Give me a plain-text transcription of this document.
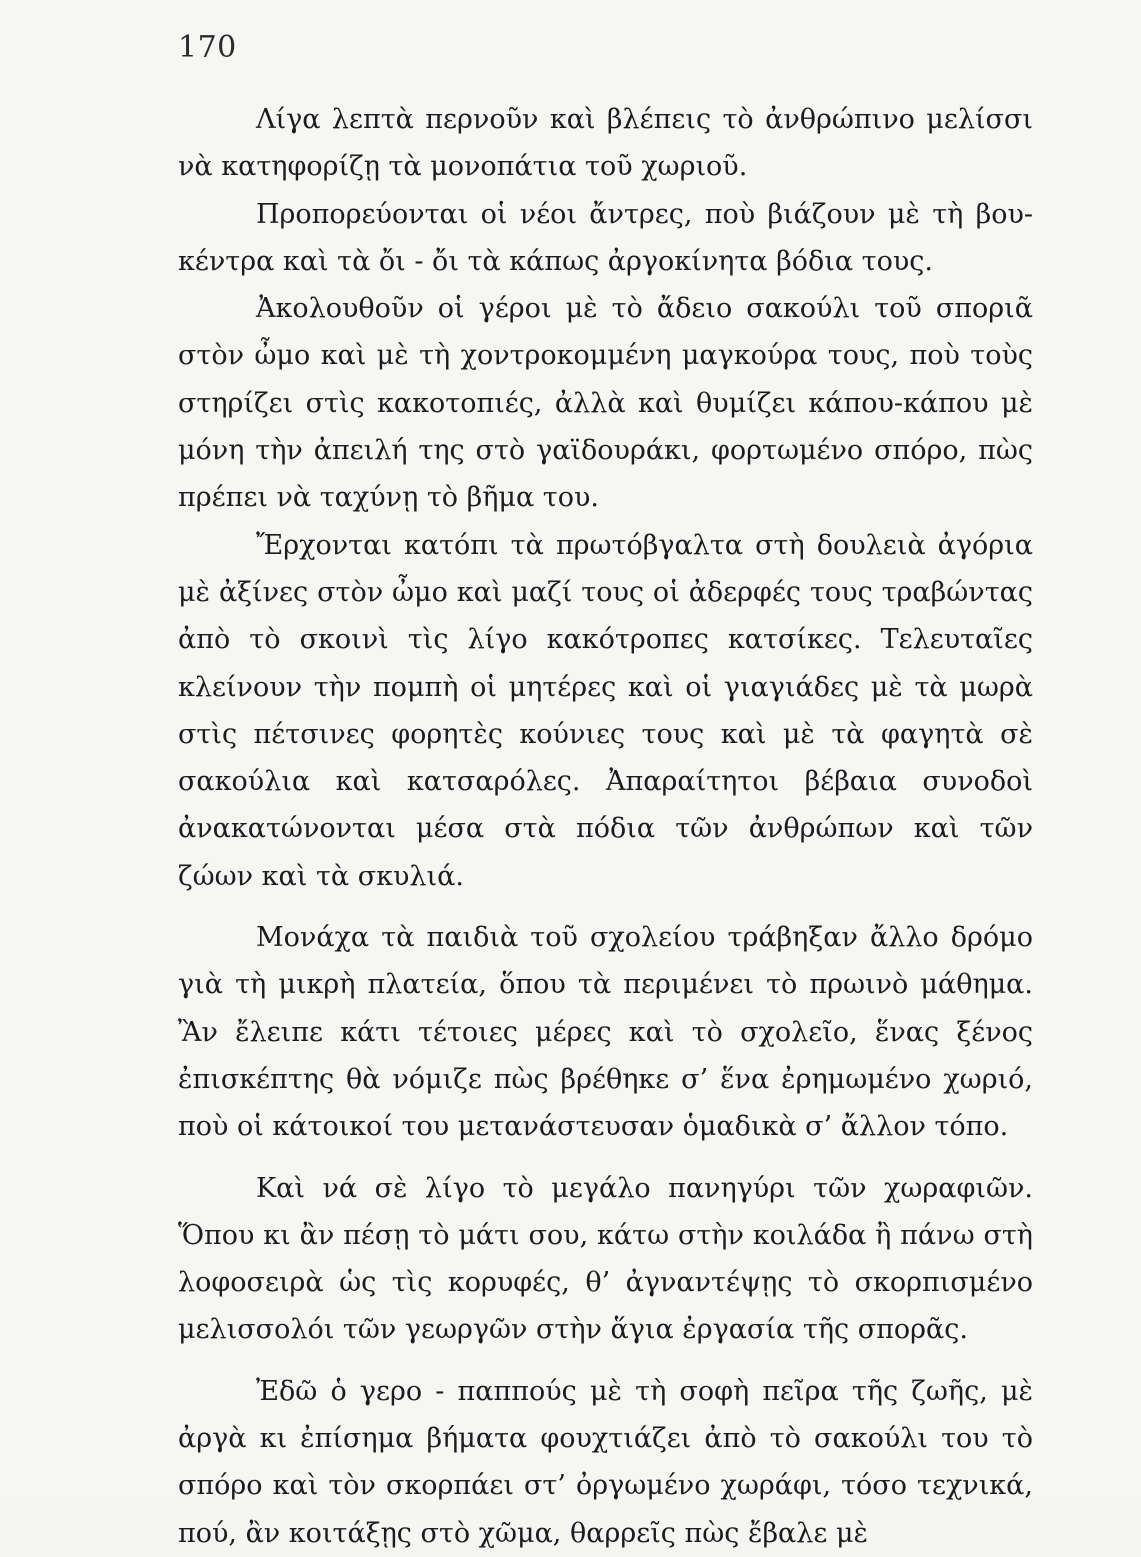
170

Λίγα λεπτὰ περνοῦν καὶ βλέπεις τὸ ἀνθρώπινο μελίσσι νὰ κατηφορίζῃ τὰ μονοπάτια τοῦ χωριοῦ.

Προπορεύονται οἱ νέοι ἄντρες, ποὺ βιάζουν μὲ τὴ βουκέντρα καὶ τὰ ὄι - ὄι τὰ κάπως ἀργοκίνητα βόδια τους.

Ἀκολουθοῦν οἱ γέροι μὲ τὸ ἄδειο σακούλι τοῦ σποριᾶ στὸν ὦμο καὶ μὲ τὴ χοντροκομμένη μαγκούρα τους, ποὺ τοὺς στηρίζει στὶς κακοτοπιές, ἀλλὰ καὶ θυμίζει κάπου-κάπου μὲ μόνη τὴν ἀπειλή της στὸ γαϊδουράκι, φορτωμένο σπόρο, πὼς πρέπει νὰ ταχύνῃ τὸ βῆμα του.

Ἔρχονται κατόπι τὰ πρωτόβγαλτα στὴ δουλειὰ ἀγόρια μὲ ἀξίνες στὸν ὦμο καὶ μαζί τους οἱ ἀδερφές τους τραβώντας ἀπὸ τὸ σκοινὶ τὶς λίγο κακότροπες κατσίκες. Τελευταῖες κλείνουν τὴν πομπὴ οἱ μητέρες καὶ οἱ γιαγιάδες μὲ τὰ μωρὰ στὶς πέτσινες φορητὲς κούνιες τους καὶ μὲ τὰ φαγητὰ σὲ σακούλια καὶ κατσαρόλες. Ἀπαραίτητοι βέβαια συνοδοὶ ἀνακατώνονται μέσα στὰ πόδια τῶν ἀνθρώπων καὶ τῶν ζώων καὶ τὰ σκυλιά.

Μονάχα τὰ παιδιὰ τοῦ σχολείου τράβηξαν ἄλλο δρόμο γιὰ τὴ μικρὴ πλατεία, ὅπου τὰ περιμένει τὸ πρωινὸ μάθημα. Ἂν ἔλειπε κάτι τέτοιες μέρες καὶ τὸ σχολεῖο, ἕνας ξένος ἐπισκέπτης θὰ νόμιζε πὼς βρέθηκε σ’ ἕνα ἐρημωμένο χωριό, ποὺ οἱ κάτοικοί του μετανάστευσαν ὁμαδικὰ σ’ ἄλλον τόπο.

Καὶ νά σὲ λίγο τὸ μεγάλο πανηγύρι τῶν χωραφιῶν. Ὅπου κι ἂν πέσῃ τὸ μάτι σου, κάτω στὴν κοιλάδα ἢ πάνω στὴ λοφοσειρὰ ὡς τὶς κορυφές, θ’ ἀγναντέψῃς τὸ σκορπισμένο μελισσολόι τῶν γεωργῶν στὴν ἅγια ἐργασία τῆς σπορᾶς.

Ἐδῶ ὁ γερο - παππούς μὲ τὴ σοφὴ πεῖρα τῆς ζωῆς, μὲ ἀργὰ κι ἐπίσημα βήματα φουχτιάζει ἀπὸ τὸ σακούλι του τὸ σπόρο καὶ τὸν σκορπάει στ’ ὀργωμένο χωράφι, τόσο τεχνικά, πού, ἂν κοιτάξῃς στὸ χῶμα, θαρρεῖς πὼς ἔβαλε μὲ
